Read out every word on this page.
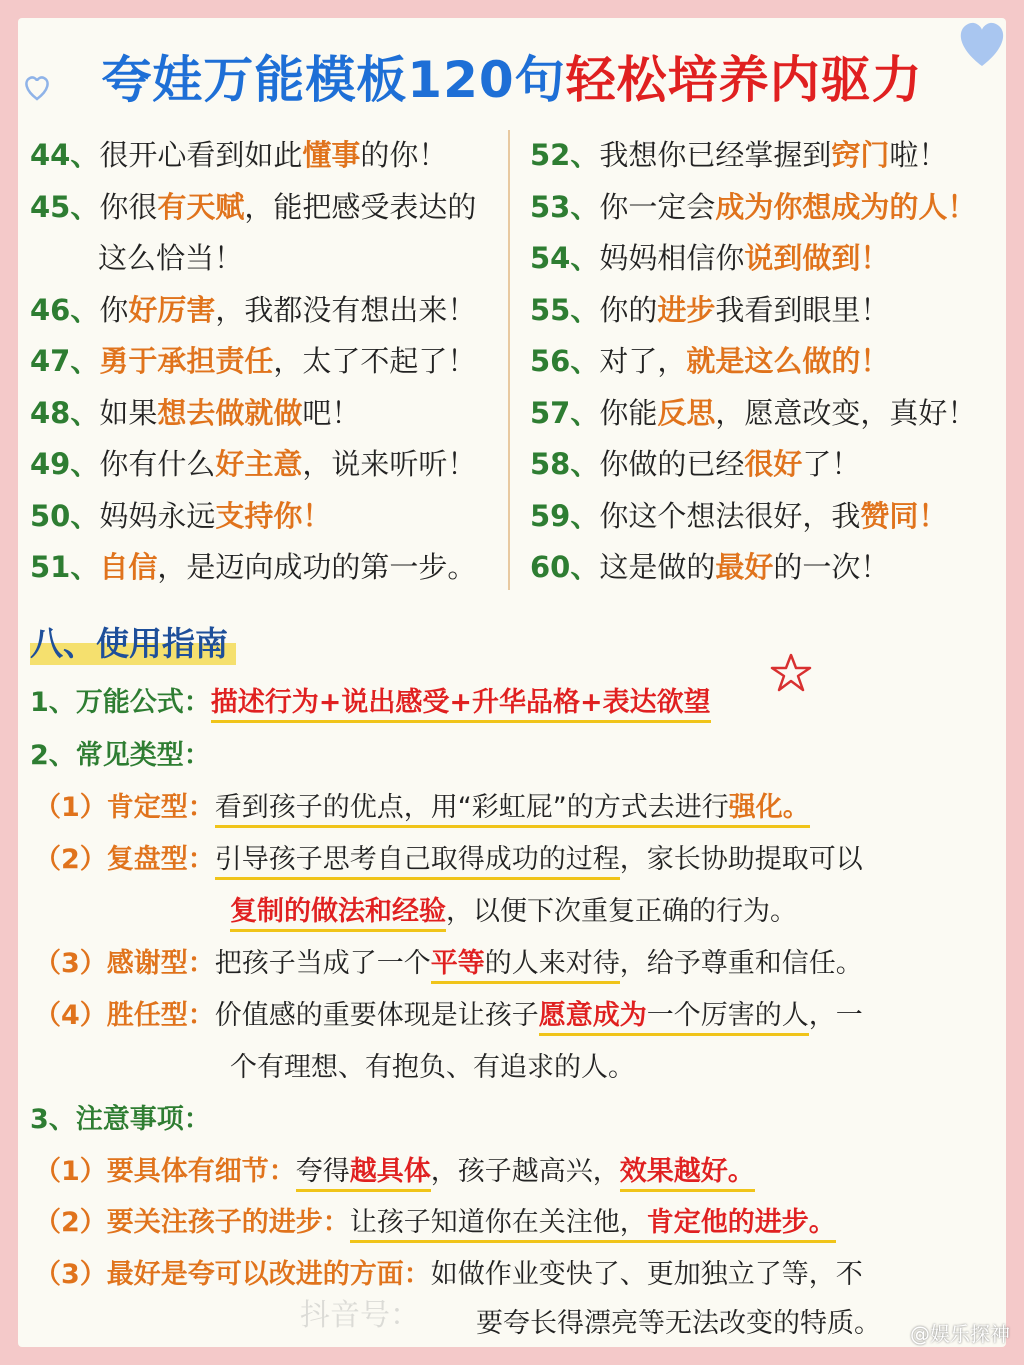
夸娃万能模板120句轻松培养内驱力
44、很开心看到如此懂事的你！
45、你很有天赋，能把感受表达的
这么恰当！
46、你好厉害，我都没有想出来！
47、勇于承担责任，太了不起了！
48、如果想去做就做吧！
49、你有什么好主意，说来听听！
50、妈妈永远支持你！
51、自信，是迈向成功的第一步。
52、我想你已经掌握到窍门啦！
53、你一定会成为你想成为的人！
54、妈妈相信你说到做到！
55、你的进步我看到眼里！
56、对了，就是这么做的！
57、你能反思，愿意改变，真好！
58、你做的已经很好了！
59、你这个想法很好，我赞同！
60、这是做的最好的一次！
八、使用指南
1、万能公式：描述行为+说出感受+升华品格+表达欲望
2、常见类型：
（1）肯定型：看到孩子的优点，用“彩虹屁”的方式去进行强化。
（2）复盘型：引导孩子思考自己取得成功的过程，家长协助提取可以
复制的做法和经验，以便下次重复正确的行为。
（3）感谢型：把孩子当成了一个平等的人来对待，给予尊重和信任。
（4）胜任型：价值感的重要体现是让孩子愿意成为一个厉害的人，一
个有理想、有抱负、有追求的人。
3、注意事项：
（1）要具体有细节：夸得越具体，孩子越高兴，效果越好。
（2）要关注孩子的进步：让孩子知道你在关注他，肯定他的进步。
（3）最好是夸可以改进的方面：如做作业变快了、更加独立了等，不
要夸长得漂亮等无法改变的特质。
抖音号：
@娱乐探神
